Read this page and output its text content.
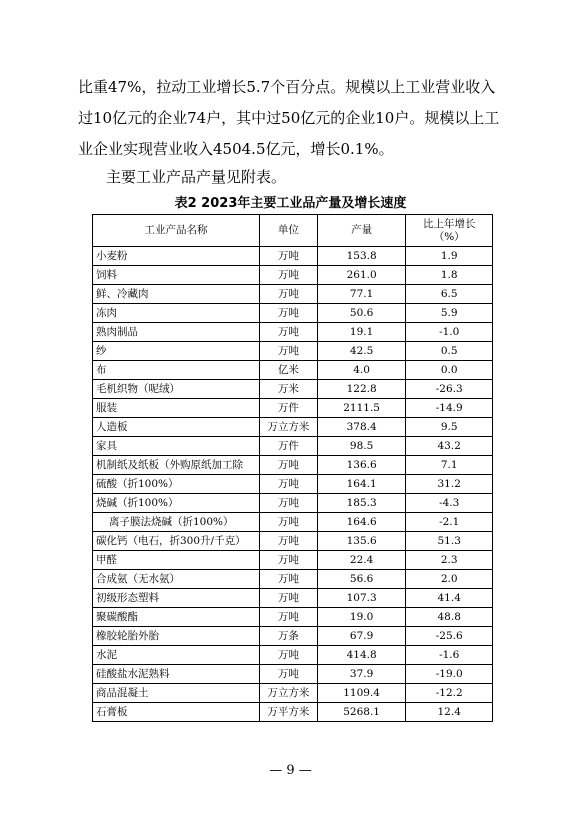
比重47%，拉动工业增长5.7个百分点。规模以上工业营业收入过10亿元的企业74户，其中过50亿元的企业10户。规模以上工业企业实现营业收入4504.5亿元，增长0.1%。

主要工业产品产量见附表。

表2 2023年主要工业品产量及增长速度
工业产品名称	单位	产量	比上年增长
（%）
小麦粉	万吨	153.8	1.9
饲料	万吨	261.0	1.8
鲜、冷藏肉	万吨	77.1	6.5
冻肉	万吨	50.6	5.9
熟肉制品	万吨	19.1	-1.0
纱	万吨	42.5	0.5
布	亿米	4.0	0.0
毛机织物（呢绒）	万米	122.8	-26.3
服装	万件	2111.5	-14.9
人造板	万立方米	378.4	9.5
家具	万件	98.5	43.2
机制纸及纸板（外购原纸加工除	万吨	136.6	7.1
硫酸（折100%）	万吨	164.1	31.2
烧碱（折100%）	万吨	185.3	-4.3
离子膜法烧碱（折100%）	万吨	164.6	-2.1
碳化钙（电石，折300升/千克）	万吨	135.6	51.3
甲醛	万吨	22.4	2.3
合成氨（无水氨）	万吨	56.6	2.0
初级形态塑料	万吨	107.3	41.4
聚碳酸酯	万吨	19.0	48.8
橡胶轮胎外胎	万条	67.9	-25.6
水泥	万吨	414.8	-1.6
硅酸盐水泥熟料	万吨	37.9	-19.0
商品混凝土	万立方米	1109.4	-12.2
石膏板	万平方米	5268.1	12.4
— 9 —
